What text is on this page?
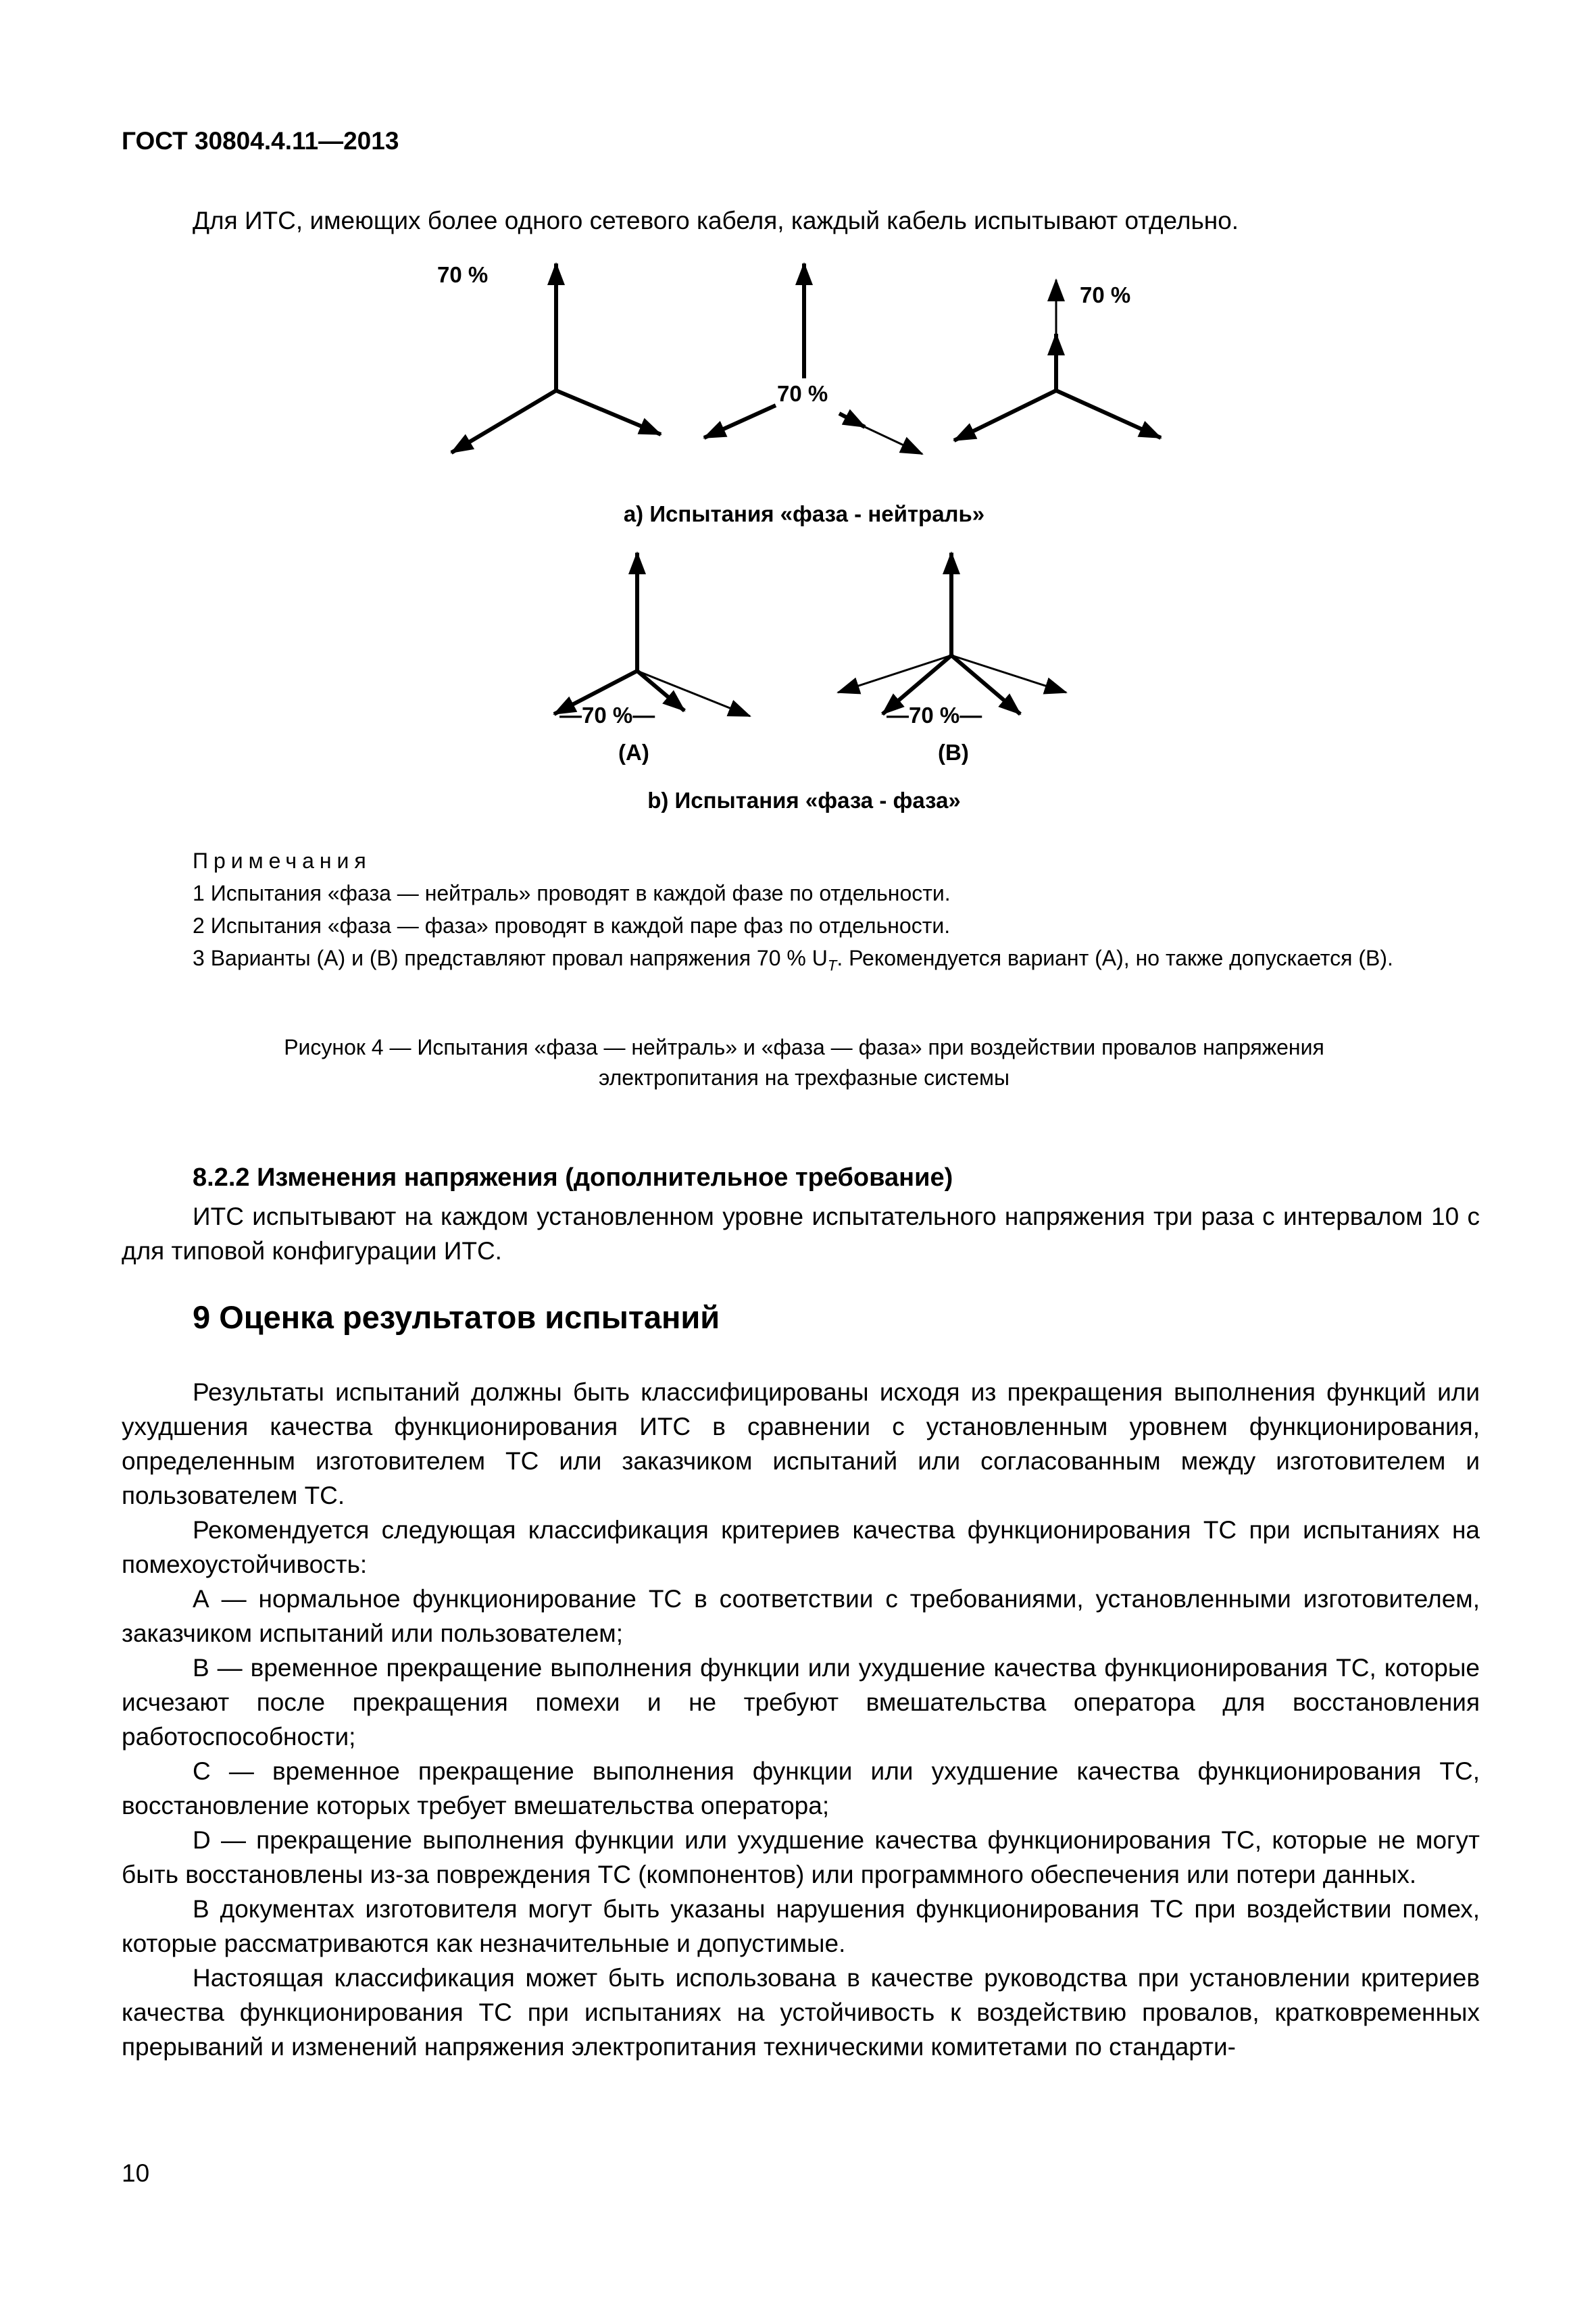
ГОСТ 30804.4.11—2013
Для ИТС, имеющих более одного сетевого кабеля, каждый кабель испытывают отдельно.
70 %
70 %
70 %
—70 %—
(A)
—70 %—
(B)
а) Испытания «фаза - нейтраль»
b) Испытания «фаза - фаза»

Примечания

1 Испытания «фаза — нейтраль» проводят в каждой фазе по отдельности.

2 Испытания «фаза — фаза» проводят в каждой паре фаз по отдельности.

3 Варианты (А) и (В) представляют провал напряжения 70 % $U_T$. Рекомендуется вариант (А), но также допускается (В).

Рисунок 4 — Испытания «фаза — нейтраль» и «фаза — фаза» при воздействии провалов напряжения
электропитания на трехфазные системы
8.2.2 Изменения напряжения (дополнительное требование)

ИТС испытывают на каждом установленном уровне испытательного напряжения три раза с интервалом 10 с для типовой конфигурации ИТС.

9 Оценка результатов испытаний

Результаты испытаний должны быть классифицированы исходя из прекращения выполнения функций или ухудшения качества функционирования ИТС в сравнении с установленным уровнем функционирования, определенным изготовителем ТС или заказчиком испытаний или согласованным между изготовителем и пользователем ТС.

Рекомендуется следующая классификация критериев качества функционирования ТС при испытаниях на помехоустойчивость:

А — нормальное функционирование ТС в соответствии с требованиями, установленными изготовителем, заказчиком испытаний или пользователем;

В — временное прекращение выполнения функции или ухудшение качества функционирования ТС, которые исчезают после прекращения помехи и не требуют вмешательства оператора для восстановления работоспособности;

С — временное прекращение выполнения функции или ухудшение качества функционирования ТС, восстановление которых требует вмешательства оператора;

D — прекращение выполнения функции или ухудшение качества функционирования ТС, которые не могут быть восстановлены из-за повреждения ТС (компонентов) или программного обеспечения или потери данных.

В документах изготовителя могут быть указаны нарушения функционирования ТС при воздействии помех, которые рассматриваются как незначительные и допустимые.

Настоящая классификация может быть использована в качестве руководства при установлении критериев качества функционирования ТС при испытаниях на устойчивость к воздействию провалов, кратковременных прерываний и изменений напряжения электропитания техническими комитетами по стандарти-

10
